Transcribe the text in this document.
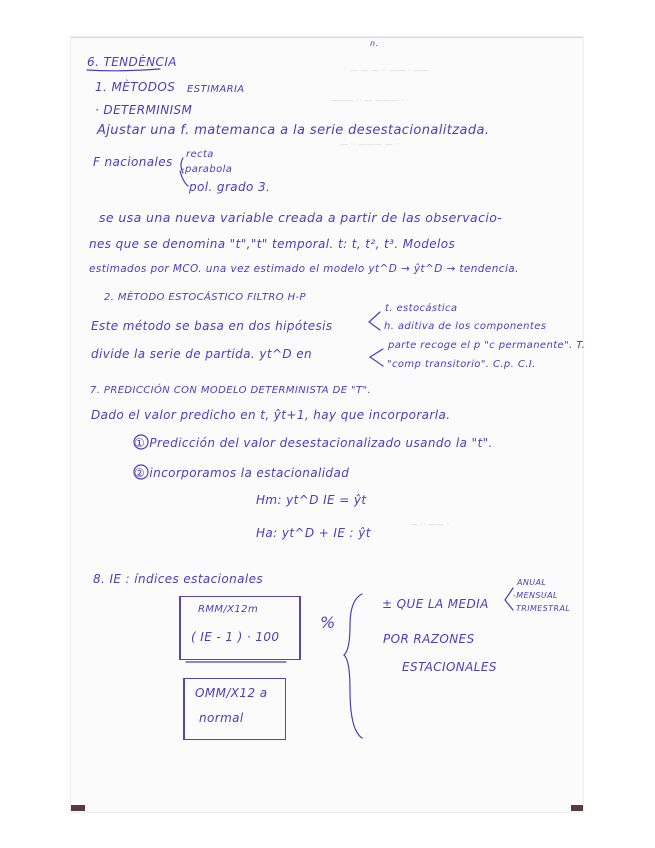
— — — ·· —— · ——
——— ·· — ——— ·
— ·· ——— — ··
— ·· —— ·
n.
6. TENDÈNCIA
1. MÈTODOS ESTIMARIA
· DETERMINISM
Ajustar una f. matemanca a la serie desestacionalitzada.
F nacionales
recta
-parabola
pol. grado 3.
se usa una nueva variable creada a partir de las observacio-
nes que se denomina "t","t" temporal. t: t, t², t³. Modelos
estimados por MCO. una vez estimado el modelo yt^D → ŷt^D → tendencia.
2. MÈTODO ESTOCÁSTICO FILTRO H-P
Este método se basa en dos hipótesis
t. estocástica
h. aditiva de los componentes
divide la serie de partida. yt^D en
parte recoge el p "c permanente". T.
"comp transitorio". C.p. C.I.
7. PREDICCIÓN CON MODELO DETERMINISTA DE "T".
Dado el valor predicho en t, ŷt+1, hay que incorporarla.
① Predicción del valor desestacionalizado usando la "t".
② incorporamos la estacionalidad
Hm: yt^D IE = ŷt
Ha: yt^D + IE : ŷt
8. IE : índices estacionales
RMM/X12m
( IE - 1 ) · 100
%
OMM/X12 a
normal
± QUE LA MEDIA
ANUAL
-MENSUAL
TRIMESTRAL
POR RAZONES
ESTACIONALES
